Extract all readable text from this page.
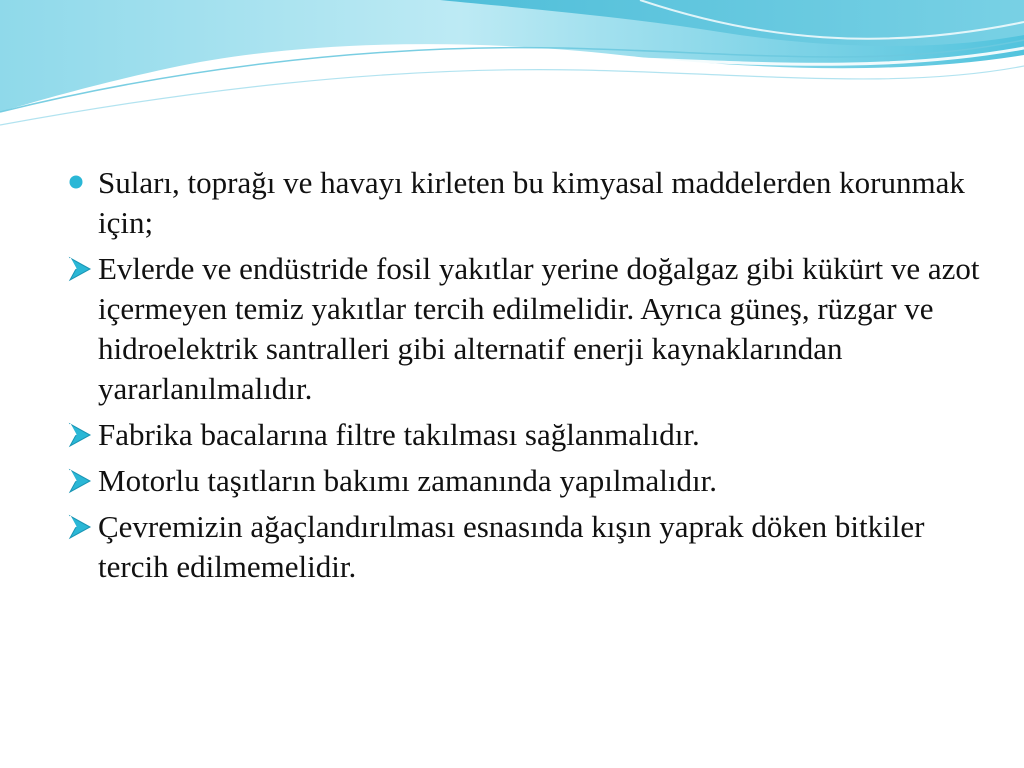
Suları, toprağı ve havayı kirleten bu kimyasal maddelerden korunmak için;
Evlerde ve endüstride fosil yakıtlar yerine doğalgaz gibi kükürt ve azot içermeyen temiz yakıtlar tercih edilmelidir. Ayrıca güneş, rüzgar ve hidroelektrik santralleri gibi alternatif enerji kaynaklarından yararlanılmalıdır.
Fabrika bacalarına filtre takılması sağlanmalıdır.
Motorlu taşıtların bakımı zamanında yapılmalıdır.
Çevremizin ağaçlandırılması esnasında kışın yaprak döken bitkiler tercih edilmemelidir.
